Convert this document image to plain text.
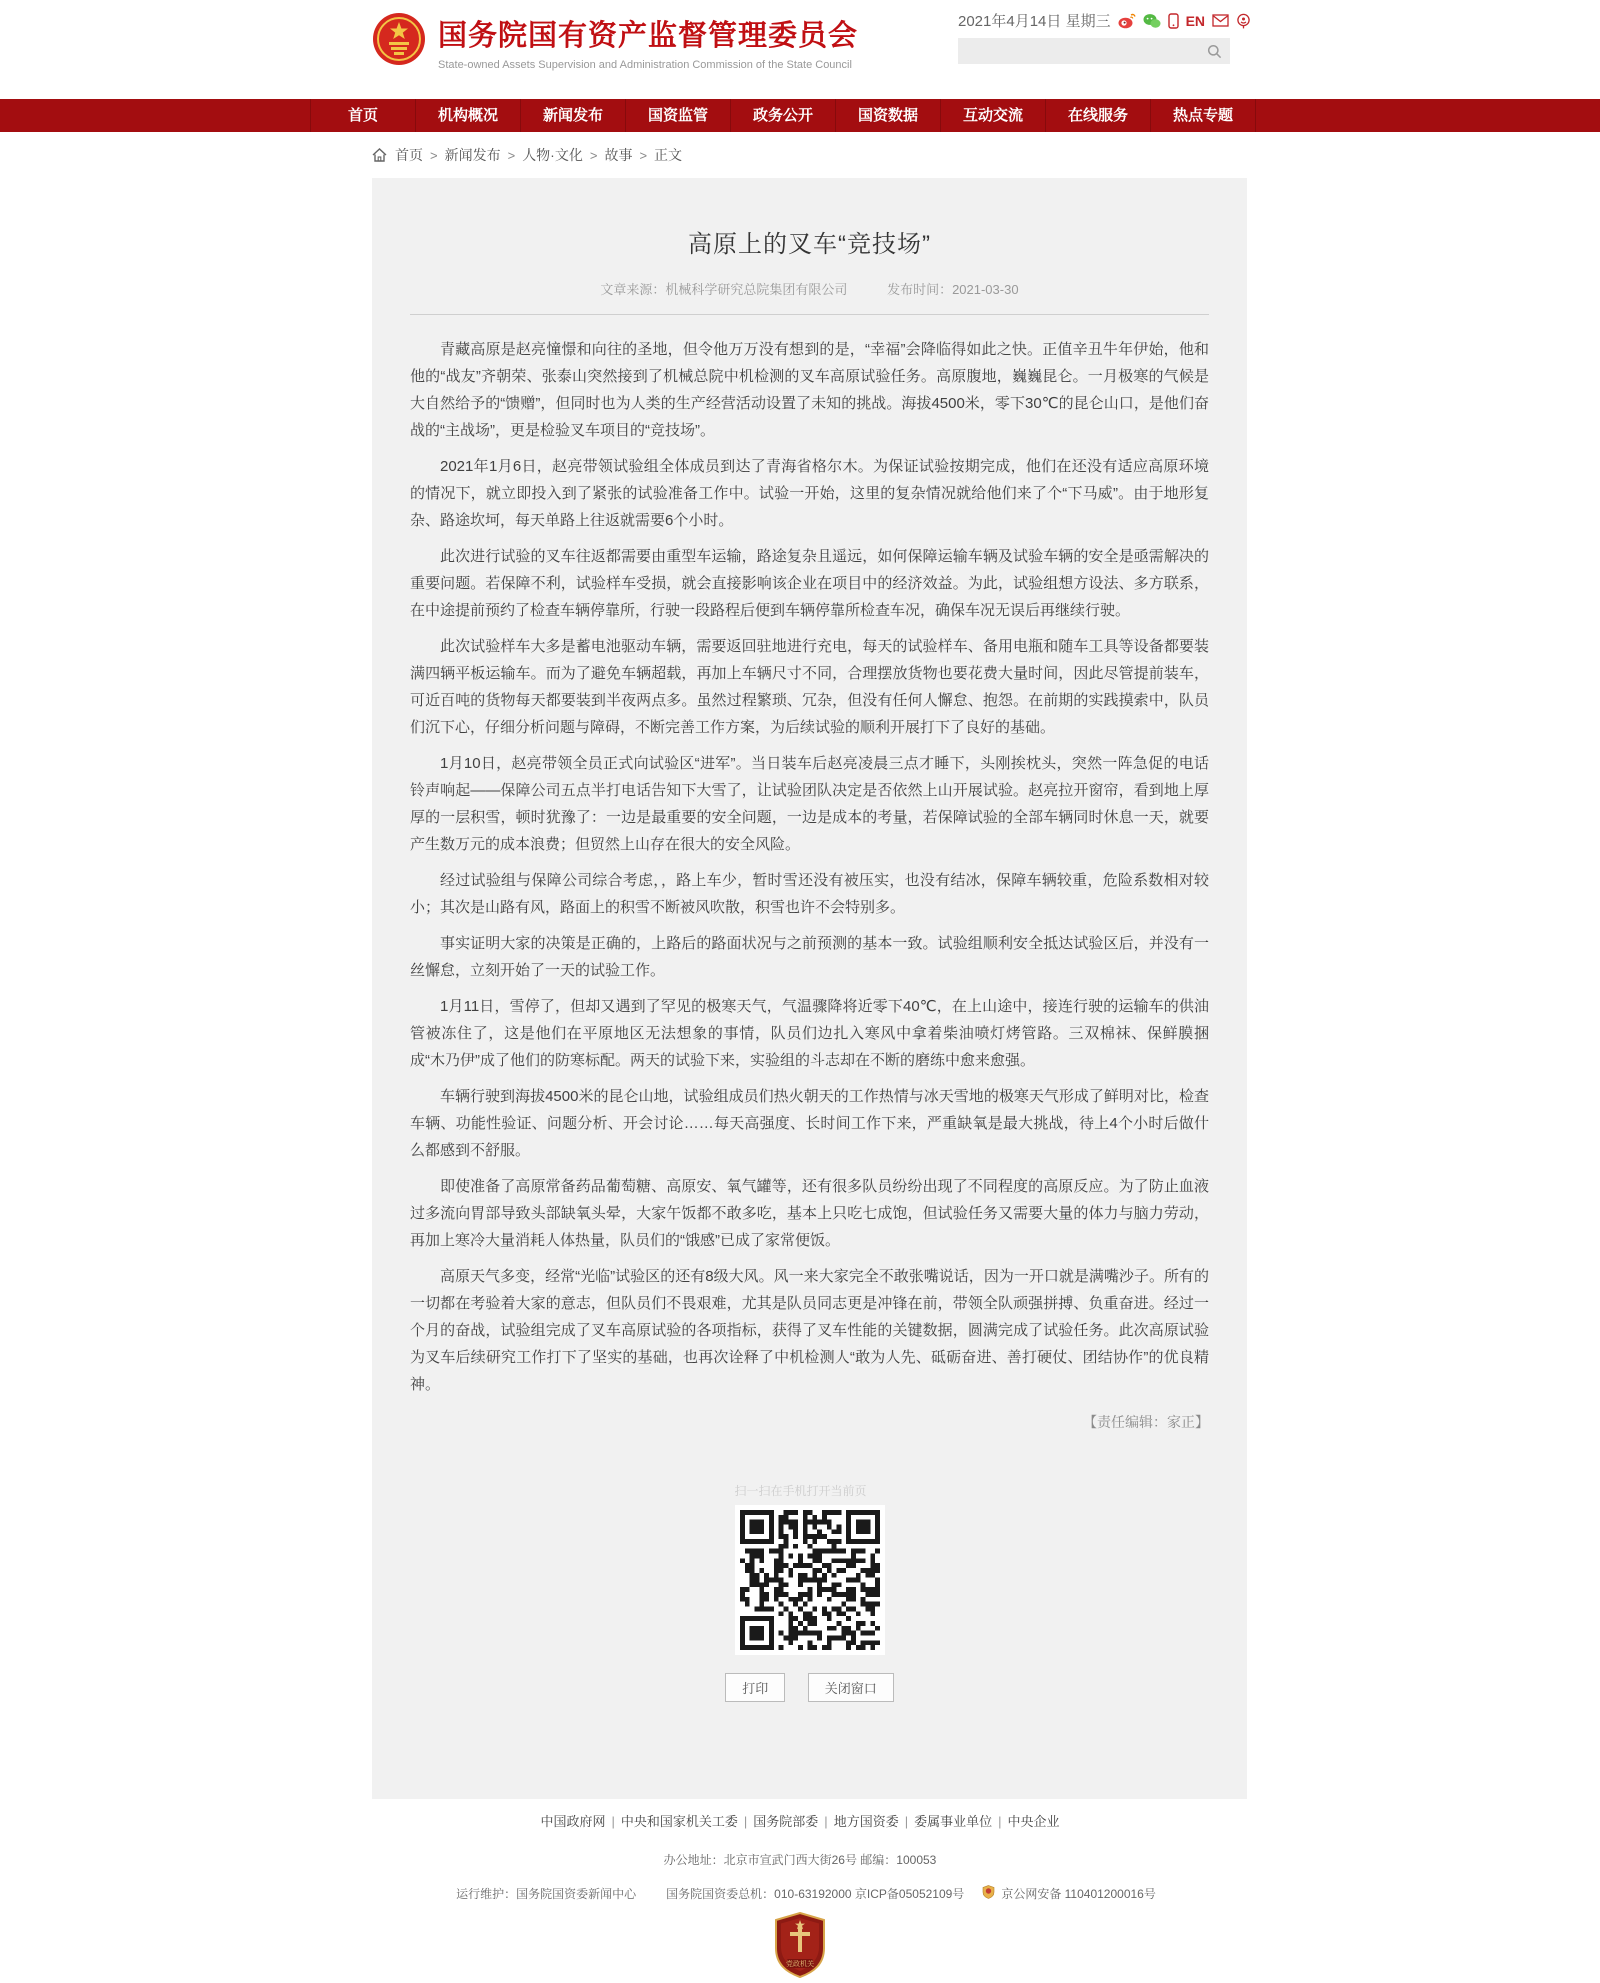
国务院国有资产监督管理委员会
State-owned Assets Supervision and Administration Commission of the State Council
2021年4月14日 星期三	EN
首页	机构概况	新闻发布	国资监管	政务公开	国资数据	互动交流	在线服务	热点专题
首页 > 新闻发布 > 人物·文化 > 故事 > 正文
高原上的叉车“竞技场”
文章来源：机械科学研究总院集团有限公司	发布时间：2021-03-30

青藏高原是赵亮憧憬和向往的圣地，但令他万万没有想到的是，“幸福”会降临得如此之快。正值辛丑牛年伊始，他和他的“战友”齐朝荣、张泰山突然接到了机械总院中机检测的叉车高原试验任务。高原腹地，巍巍昆仑。一月极寒的气候是大自然给予的“馈赠”，但同时也为人类的生产经营活动设置了未知的挑战。海拔4500米，零下30℃的昆仑山口，是他们奋战的“主战场”，更是检验叉车项目的“竞技场”。

2021年1月6日，赵亮带领试验组全体成员到达了青海省格尔木。为保证试验按期完成，他们在还没有适应高原环境的情况下，就立即投入到了紧张的试验准备工作中。试验一开始，这里的复杂情况就给他们来了个“下马威”。由于地形复杂、路途坎坷，每天单路上往返就需要6个小时。

此次进行试验的叉车往返都需要由重型车运输，路途复杂且遥远，如何保障运输车辆及试验车辆的安全是亟需解决的重要问题。若保障不利，试验样车受损，就会直接影响该企业在项目中的经济效益。为此，试验组想方设法、多方联系，在中途提前预约了检查车辆停靠所，行驶一段路程后便到车辆停靠所检查车况，确保车况无误后再继续行驶。

此次试验样车大多是蓄电池驱动车辆，需要返回驻地进行充电，每天的试验样车、备用电瓶和随车工具等设备都要装满四辆平板运输车。而为了避免车辆超载，再加上车辆尺寸不同，合理摆放货物也要花费大量时间，因此尽管提前装车，可近百吨的货物每天都要装到半夜两点多。虽然过程繁琐、冗杂，但没有任何人懈怠、抱怨。在前期的实践摸索中，队员们沉下心，仔细分析问题与障碍，不断完善工作方案，为后续试验的顺利开展打下了良好的基础。

1月10日，赵亮带领全员正式向试验区“进军”。当日装车后赵亮凌晨三点才睡下，头刚挨枕头，突然一阵急促的电话铃声响起——保障公司五点半打电话告知下大雪了，让试验团队决定是否依然上山开展试验。赵亮拉开窗帘，看到地上厚厚的一层积雪，顿时犹豫了：一边是最重要的安全问题，一边是成本的考量，若保障试验的全部车辆同时休息一天，就要产生数万元的成本浪费；但贸然上山存在很大的安全风险。

经过试验组与保障公司综合考虑，，路上车少，暂时雪还没有被压实，也没有结冰，保障车辆较重，危险系数相对较小；其次是山路有风，路面上的积雪不断被风吹散，积雪也许不会特别多。

事实证明大家的决策是正确的，上路后的路面状况与之前预测的基本一致。试验组顺利安全抵达试验区后，并没有一丝懈怠，立刻开始了一天的试验工作。

1月11日，雪停了，但却又遇到了罕见的极寒天气，气温骤降将近零下40℃，在上山途中，接连行驶的运输车的供油管被冻住了，这是他们在平原地区无法想象的事情，队员们边扎入寒风中拿着柴油喷灯烤管路。三双棉袜、保鲜膜捆成“木乃伊”成了他们的防寒标配。两天的试验下来，实验组的斗志却在不断的磨练中愈来愈强。

车辆行驶到海拔4500米的昆仑山地，试验组成员们热火朝天的工作热情与冰天雪地的极寒天气形成了鲜明对比，检查车辆、功能性验证、问题分析、开会讨论……每天高强度、长时间工作下来，严重缺氧是最大挑战，待上4个小时后做什么都感到不舒服。

即使准备了高原常备药品葡萄糖、高原安、氧气罐等，还有很多队员纷纷出现了不同程度的高原反应。为了防止血液过多流向胃部导致头部缺氧头晕，大家午饭都不敢多吃，基本上只吃七成饱，但试验任务又需要大量的体力与脑力劳动，再加上寒冷大量消耗人体热量，队员们的“饿感”已成了家常便饭。

高原天气多变，经常“光临”试验区的还有8级大风。风一来大家完全不敢张嘴说话，因为一开口就是满嘴沙子。所有的一切都在考验着大家的意志，但队员们不畏艰难，尤其是队员同志更是冲锋在前，带领全队顽强拼搏、负重奋进。经过一个月的奋战，试验组完成了叉车高原试验的各项指标，获得了叉车性能的关键数据，圆满完成了试验任务。此次高原试验为叉车后续研究工作打下了坚实的基础，也再次诠释了中机检测人“敢为人先、砥砺奋进、善打硬仗、团结协作”的优良精神。

【责任编辑：家正】
扫一扫在手机打开当前页
打印	关闭窗口
中国政府网 | 中央和国家机关工委 | 国务院部委 | 地方国资委 | 委属事业单位 | 中央企业
办公地址：北京市宣武门西大街26号 邮编：100053
运行维护：国务院国资委新闻中心	国务院国资委总机：010-63192000 京ICP备05052109号	京公网安备 110401200016号
党政机关
